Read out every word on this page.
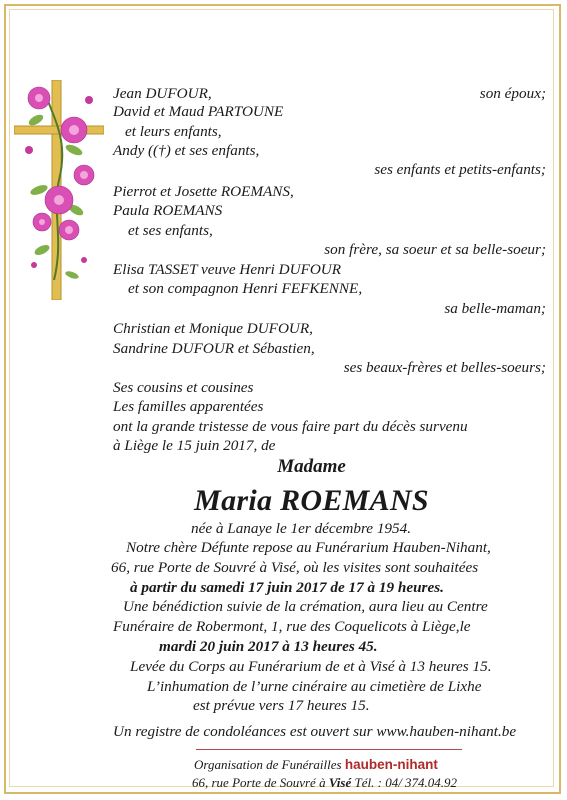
Jean DUFOUR,	son époux;
David et Maud PARTOUNE
et leurs enfants,
Andy ((†) et ses enfants,
ses enfants et petits-enfants;
Pierrot et Josette ROEMANS,
Paula ROEMANS
et ses enfants,
son frère, sa soeur et sa belle-soeur;
Elisa TASSET veuve Henri DUFOUR
et son compagnon Henri FEFKENNE,
sa belle-maman;
Christian et Monique DUFOUR,
Sandrine DUFOUR et Sébastien,
ses beaux-frères et belles-soeurs;
Ses cousins et cousines
Les familles apparentées
ont la grande tristesse de vous faire part du décès survenu
à Liège le 15 juin 2017, de
Madame
Maria ROEMANS
née à Lanaye le 1er décembre 1954.
Notre chère Défunte repose au Funérarium Hauben-Nihant,
66, rue Porte de Souvré à Visé, où les visites sont souhaitées
à partir du samedi 17 juin 2017 de 17 à 19 heures.
Une bénédiction suivie de la crémation, aura lieu au Centre
Funéraire de Robermont, 1, rue des Coquelicots à Liège,le
mardi 20 juin 2017 à 13 heures 45.
Levée du Corps au Funérarium de et à Visé à 13 heures 15.
L’inhumation de l’urne cinéraire au cimetière de Lixhe
est prévue vers 17 heures 15.
Un registre de condoléances est ouvert sur www.hauben-nihant.be
Organisation de Funérailles hauben-nihant
66, rue Porte de Souvré à Visé Tél. : 04/ 374.04.92
